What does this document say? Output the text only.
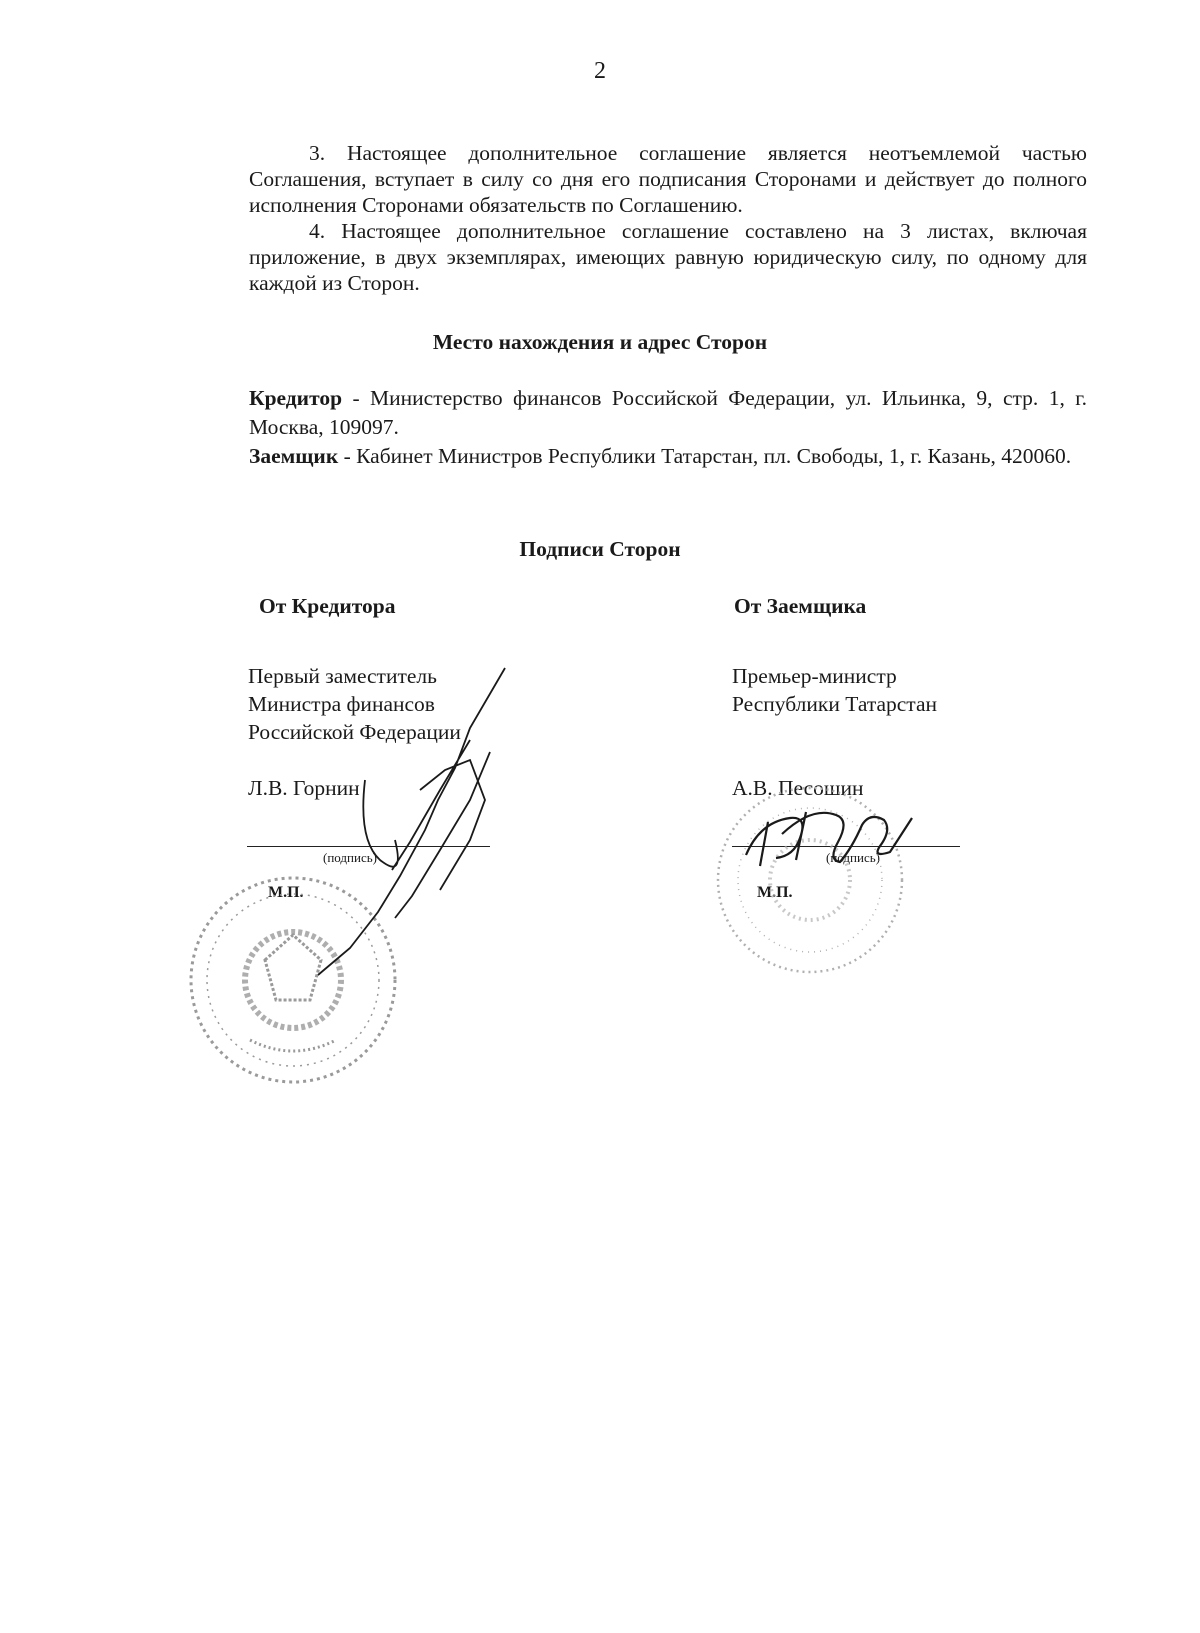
2

3. Настоящее дополнительное соглашение является неотъемлемой частью Соглашения, вступает в силу со дня его подписания Сторонами и действует до полного исполнения Сторонами обязательств по Соглашению.

4. Настоящее дополнительное соглашение составлено на 3 листах, включая приложение, в двух экземплярах, имеющих равную юридическую силу, по одному для каждой из Сторон.

Место нахождения и адрес Сторон
Кредитор - Министерство финансов Российской Федерации, ул. Ильинка, 9, стр. 1, г. Москва, 109097.
Заемщик - Кабинет Министров Республики Татарстан, пл. Свободы, 1, г. Казань, 420060.
Подписи Сторон
От Кредитора	От Заемщика
Первый заместитель
Министра финансов
Российской Федерации
Л.В. Горнин
Премьер-министр
Республики Татарстан
А.В. Песошин
(подпись)
М.П.
(подпись)
М.П.
